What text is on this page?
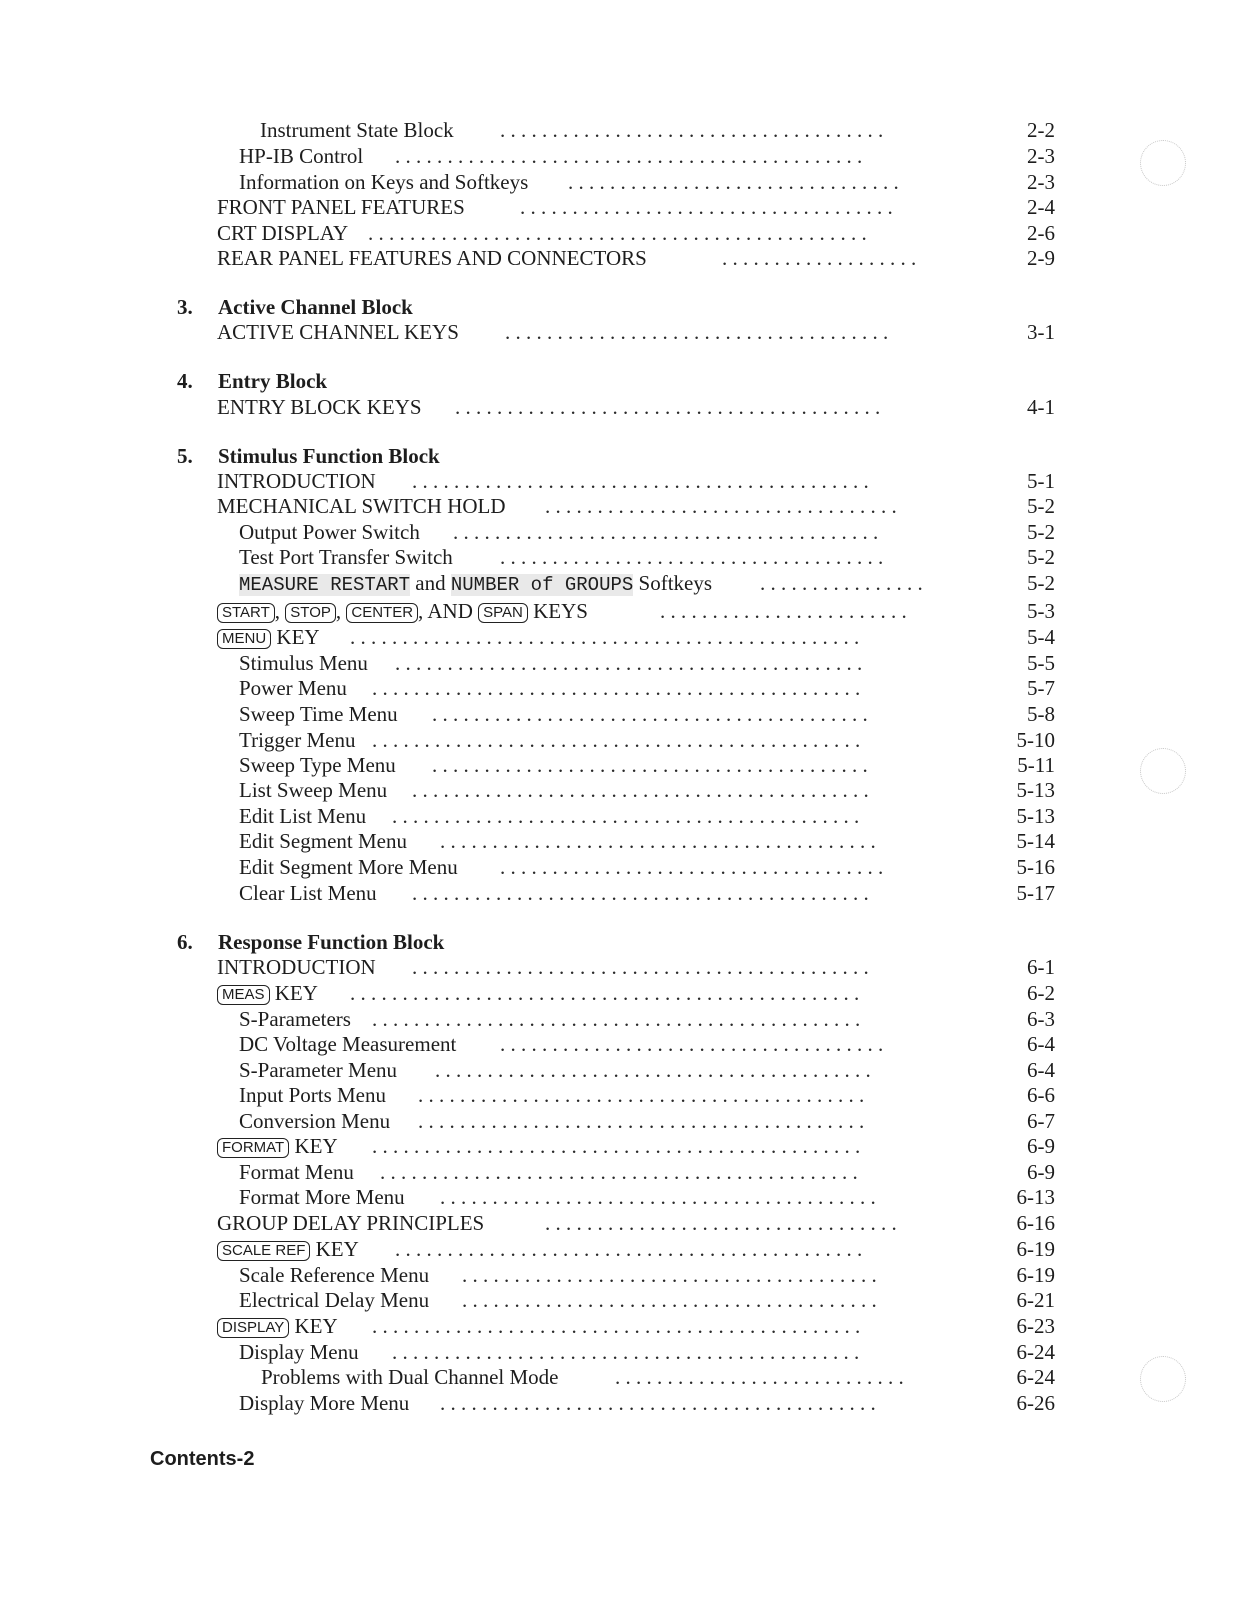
Instrument State Block . . . . . . . . . . . . . . . . . . . . . . . . . . . . . . . . . . . . .	2-2
HP-IB Control . . . . . . . . . . . . . . . . . . . . . . . . . . . . . . . . . . . . . . . . . . . . .	2-3
Information on Keys and Softkeys . . . . . . . . . . . . . . . . . . . . . . . . . . . . . . . .	2-3
FRONT PANEL FEATURES	. . . . . . . . . . . . . . . . . . . . . . . . . . . . . . . . . . . .	2-4
CRT DISPLAY . . . . . . . . . . . . . . . . . . . . . . . . . . . . . . . . . . . . . . . . . . . . . . . .	2-6
REAR PANEL FEATURES AND CONNECTORS	. . . . . . . . . . . . . . . . . . .	2-9
3. Active Channel Block
ACTIVE CHANNEL KEYS . . . . . . . . . . . . . . . . . . . . . . . . . . . . . . . . . . . . .	3-1
4. Entry Block
ENTRY BLOCK KEYS . . . . . . . . . . . . . . . . . . . . . . . . . . . . . . . . . . . . . . . . .	4-1
5. Stimulus Function Block
INTRODUCTION . . . . . . . . . . . . . . . . . . . . . . . . . . . . . . . . . . . . . . . . . . . .	5-1
MECHANICAL SWITCH HOLD . . . . . . . . . . . . . . . . . . . . . . . . . . . . . . . . . .	5-2
Output Power Switch . . . . . . . . . . . . . . . . . . . . . . . . . . . . . . . . . . . . . . . . .	5-2
Test Port Transfer Switch . . . . . . . . . . . . . . . . . . . . . . . . . . . . . . . . . . . . .	5-2
MEASURE RESTART and NUMBER of GROUPS Softkeys . . . . . . . . . . . . . . . .	5-2
START , STOP , CENTER , AND SPAN KEYS	. . . . . . . . . . . . . . . . . . . . . . . .	5-3
MENU KEY . . . . . . . . . . . . . . . . . . . . . . . . . . . . . . . . . . . . . . . . . . . . . . . . .	5-4
Stimulus Menu . . . . . . . . . . . . . . . . . . . . . . . . . . . . . . . . . . . . . . . . . . . . .	5-5
Power Menu . . . . . . . . . . . . . . . . . . . . . . . . . . . . . . . . . . . . . . . . . . . . . . .	5-7
Sweep Time Menu . . . . . . . . . . . . . . . . . . . . . . . . . . . . . . . . . . . . . . . . . .	5-8
Trigger Menu . . . . . . . . . . . . . . . . . . . . . . . . . . . . . . . . . . . . . . . . . . . . . . .	5-10
Sweep Type Menu . . . . . . . . . . . . . . . . . . . . . . . . . . . . . . . . . . . . . . . . . .	5-11
List Sweep Menu . . . . . . . . . . . . . . . . . . . . . . . . . . . . . . . . . . . . . . . . . . . .	5-13
Edit List Menu . . . . . . . . . . . . . . . . . . . . . . . . . . . . . . . . . . . . . . . . . . . . .	5-13
Edit Segment Menu . . . . . . . . . . . . . . . . . . . . . . . . . . . . . . . . . . . . . . . . . .	5-14
Edit Segment More Menu . . . . . . . . . . . . . . . . . . . . . . . . . . . . . . . . . . . . .	5-16
Clear List Menu . . . . . . . . . . . . . . . . . . . . . . . . . . . . . . . . . . . . . . . . . . . .	5-17
6. Response Function Block
INTRODUCTION . . . . . . . . . . . . . . . . . . . . . . . . . . . . . . . . . . . . . . . . . . . .	6-1
MEAS KEY . . . . . . . . . . . . . . . . . . . . . . . . . . . . . . . . . . . . . . . . . . . . . . . . .	6-2
S-Parameters . . . . . . . . . . . . . . . . . . . . . . . . . . . . . . . . . . . . . . . . . . . . . . .	6-3
DC Voltage Measurement . . . . . . . . . . . . . . . . . . . . . . . . . . . . . . . . . . . . .	6-4
S-Parameter Menu . . . . . . . . . . . . . . . . . . . . . . . . . . . . . . . . . . . . . . . . . .	6-4
Input Ports Menu . . . . . . . . . . . . . . . . . . . . . . . . . . . . . . . . . . . . . . . . . . .	6-6
Conversion Menu . . . . . . . . . . . . . . . . . . . . . . . . . . . . . . . . . . . . . . . . . . .	6-7
FORMAT KEY . . . . . . . . . . . . . . . . . . . . . . . . . . . . . . . . . . . . . . . . . . . . . . .	6-9
Format Menu . . . . . . . . . . . . . . . . . . . . . . . . . . . . . . . . . . . . . . . . . . . . . .	6-9
Format More Menu . . . . . . . . . . . . . . . . . . . . . . . . . . . . . . . . . . . . . . . . . .	6-13
GROUP DELAY PRINCIPLES	. . . . . . . . . . . . . . . . . . . . . . . . . . . . . . . . . .	6-16
SCALE REF KEY . . . . . . . . . . . . . . . . . . . . . . . . . . . . . . . . . . . . . . . . . . . . .	6-19
Scale Reference Menu . . . . . . . . . . . . . . . . . . . . . . . . . . . . . . . . . . . . . . . .	6-19
Electrical Delay Menu . . . . . . . . . . . . . . . . . . . . . . . . . . . . . . . . . . . . . . . .	6-21
DISPLAY KEY . . . . . . . . . . . . . . . . . . . . . . . . . . . . . . . . . . . . . . . . . . . . . . .	6-23
Display Menu . . . . . . . . . . . . . . . . . . . . . . . . . . . . . . . . . . . . . . . . . . . . .	6-24
Problems with Dual Channel Mode	. . . . . . . . . . . . . . . . . . . . . . . . . . . .	6-24
Display More Menu . . . . . . . . . . . . . . . . . . . . . . . . . . . . . . . . . . . . . . . . . .	6-26
Contents-2
